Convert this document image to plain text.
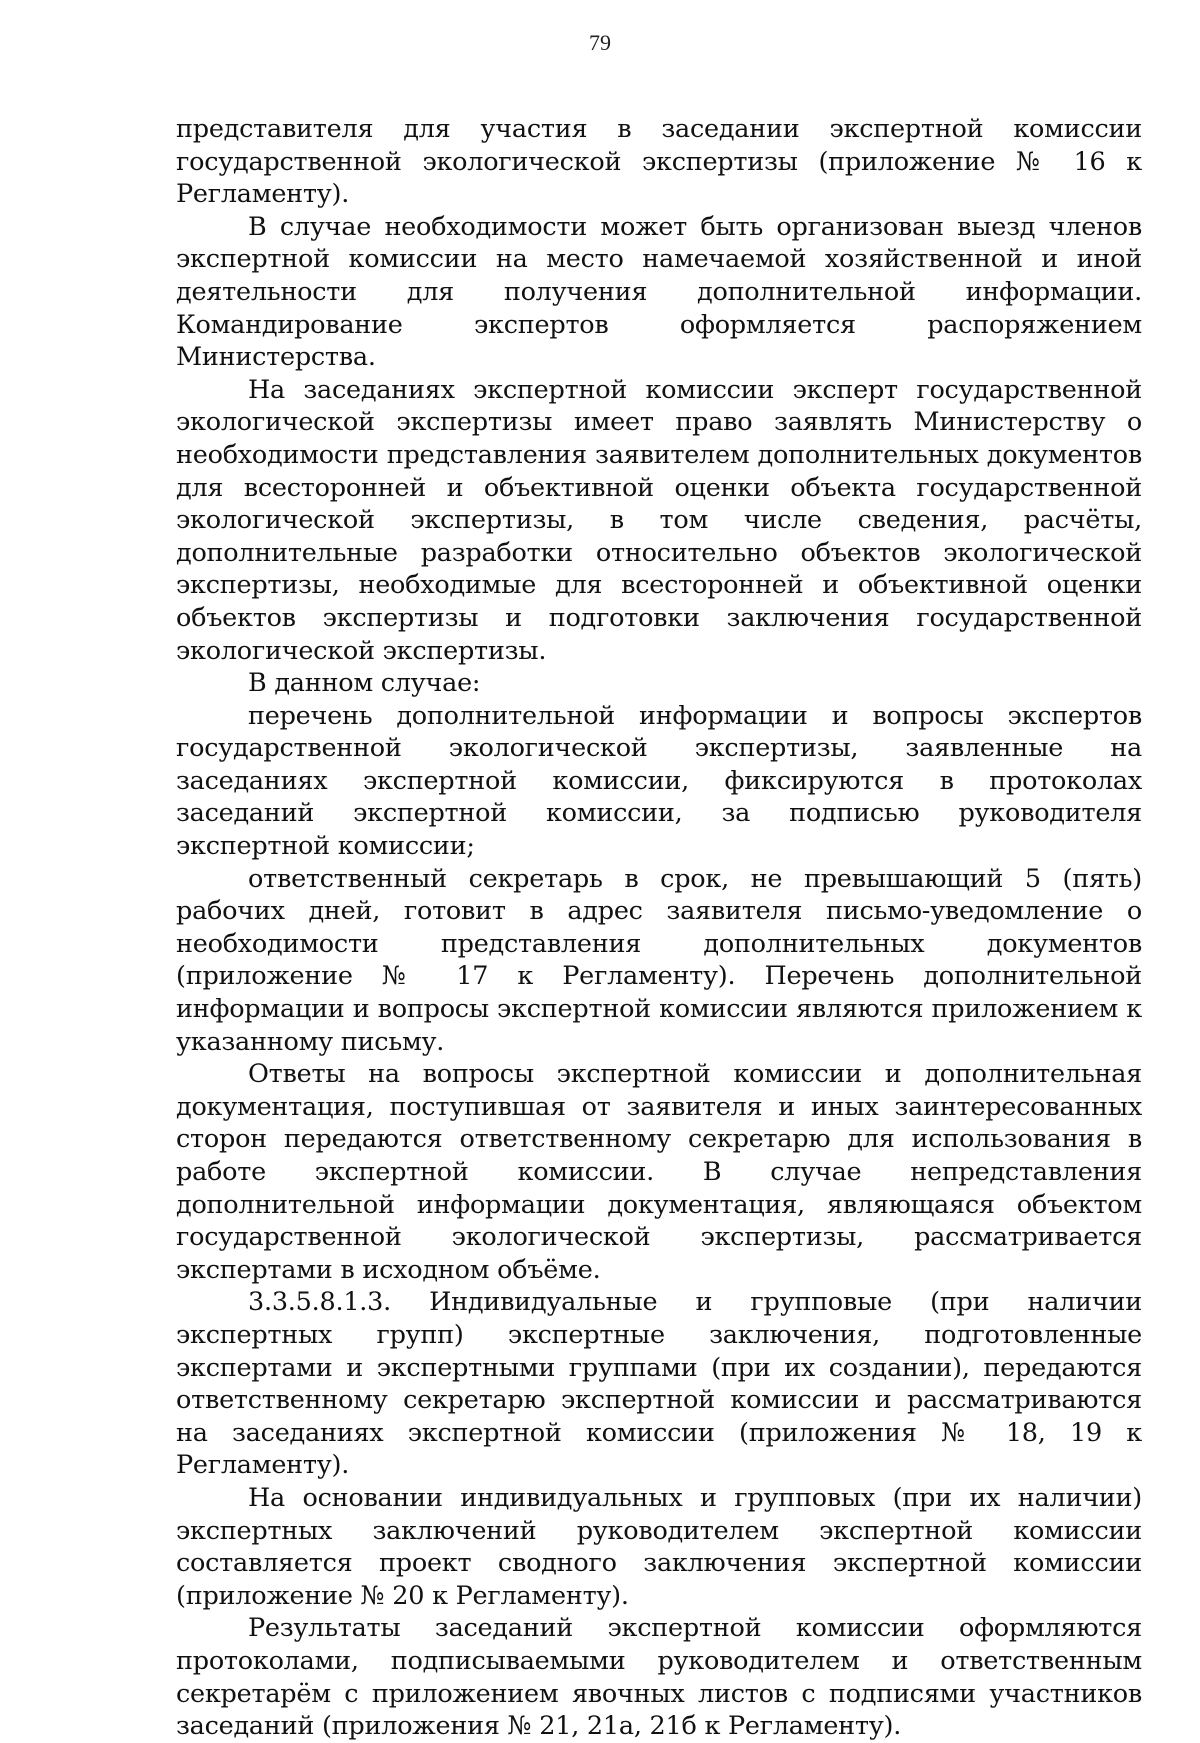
79

представителя для участия в заседании экспертной комиссии государственной экологической экспертизы (приложение № 16 к Регламенту).

В случае необходимости может быть организован выезд членов экспертной комиссии на место намечаемой хозяйственной и иной деятельности для получения дополнительной информации. Командирование экспертов оформляется распоряжением Министерства.

На заседаниях экспертной комиссии эксперт государственной экологической экспертизы имеет право заявлять Министерству о необходимости представления заявителем дополнительных документов для всесторонней и объективной оценки объекта государственной экологической экспертизы, в том числе сведения, расчёты, дополнительные разработки относительно объектов экологической экспертизы, необходимые для всесторонней и объективной оценки объектов экспертизы и подготовки заключения государственной экологической экспертизы.

В данном случае:

перечень дополнительной информации и вопросы экспертов государственной экологической экспертизы, заявленные на заседаниях экспертной комиссии, фиксируются в протоколах заседаний экспертной комиссии, за подписью руководителя экспертной комиссии;

ответственный секретарь в срок, не превышающий 5 (пять) рабочих дней, готовит в адрес заявителя письмо-уведомление о необходимости представления дополнительных документов (приложение № 17 к Регламенту). Перечень дополнительной информации и вопросы экспертной комиссии являются приложением к указанному письму.

Ответы на вопросы экспертной комиссии и дополнительная документация, поступившая от заявителя и иных заинтересованных сторон передаются ответственному секретарю для использования в работе экспертной комиссии. В случае непредставления дополнительной информации документация, являющаяся объектом государственной экологической экспертизы, рассматривается экспертами в исходном объёме.

3.3.5.8.1.3. Индивидуальные и групповые (при наличии экспертных групп) экспертные заключения, подготовленные экспертами и экспертными группами (при их создании), передаются ответственному секретарю экспертной комиссии и рассматриваются на заседаниях экспертной комиссии (приложения № 18, 19 к Регламенту).

На основании индивидуальных и групповых (при их наличии) экспертных заключений руководителем экспертной комиссии составляется проект сводного заключения экспертной комиссии (приложение № 20 к Регламенту).

Результаты заседаний экспертной комиссии оформляются протоколами, подписываемыми руководителем и ответственным секретарём с приложением явочных листов с подписями участников заседаний (приложения № 21, 21а, 21б к Регламенту).
